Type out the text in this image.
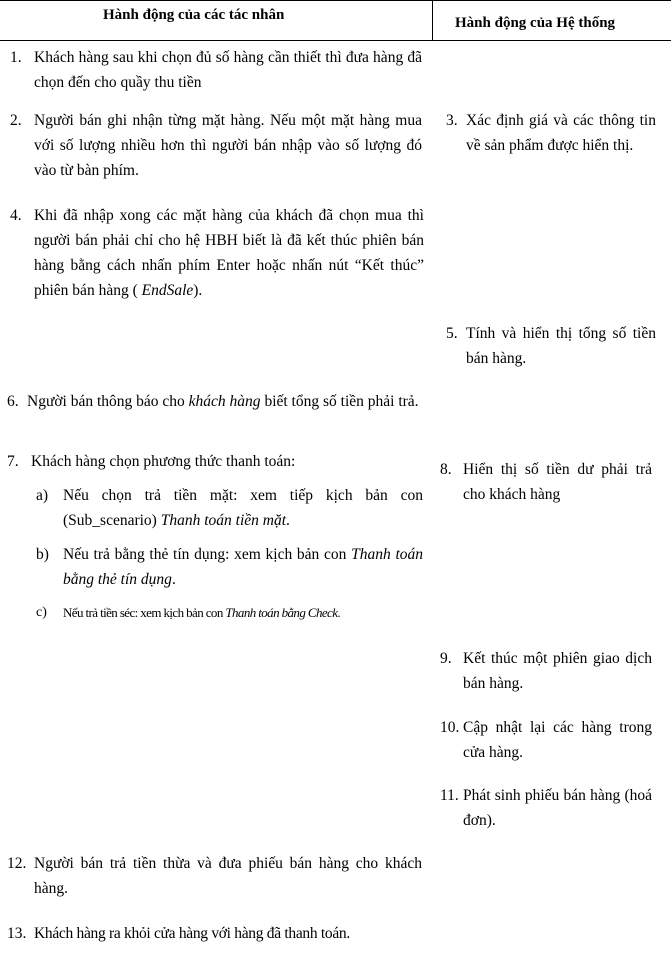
Hành động của các tác nhân	Hành động của Hệ thống
1. Khách hàng sau khi chọn đủ số hàng cần thiết thì đưa hàng đã chọn đến cho quầy thu tiền
2. Người bán ghi nhận từng mặt hàng. Nếu một mặt hàng mua với số lượng nhiều hơn thì người bán nhập vào số lượng đó vào từ bàn phím.
4. Khi đã nhập xong các mặt hàng của khách đã chọn mua thì người bán phải chỉ cho hệ HBH biết là đã kết thúc phiên bán hàng bằng cách nhấn phím Enter hoặc nhấn nút “Kết thúc” phiên bán hàng ( EndSale).
6. Người bán thông báo cho khách hàng biết tổng số tiền phải trả.
7. Khách hàng chọn phương thức thanh toán:
a) Nếu chọn trả tiền mặt: xem tiếp kịch bản con (Sub_scenario) Thanh toán tiền mặt.
b) Nếu trả bằng thẻ tín dụng: xem kịch bản con Thanh toán bằng thẻ tín dụng.
c)	Nếu trả tiền séc: xem kịch bản con Thanh toán bằng Check.
12. Người bán trả tiền thừa và đưa phiếu bán hàng cho khách hàng.
13. Khách hàng ra khỏi cửa hàng với hàng đã thanh toán.
3. Xác định giá và các thông tin về sản phẩm được hiển thị.
5. Tính và hiển thị tổng số tiền bán hàng.
8. Hiển thị số tiền dư phải trả cho khách hàng
9. Kết thúc một phiên giao dịch bán hàng.
10. Cập nhật lại các hàng trong cửa hàng.
11. Phát sinh phiếu bán hàng (hoá đơn).
